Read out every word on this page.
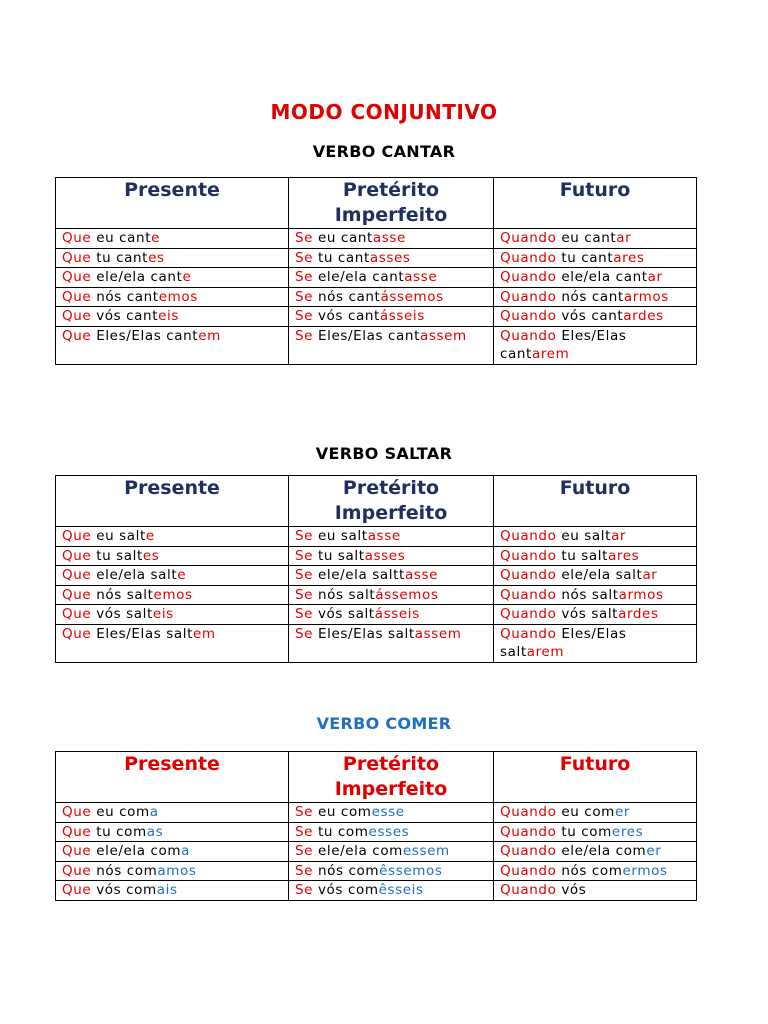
MODO CONJUNTIVO
VERBO CANTAR
Presente	Pretérito Imperfeito	Futuro
Que eu cante	Se eu cantasse	Quando eu cantar
Que tu cantes	Se tu cantasses	Quando tu cantares
Que ele/ela cante	Se ele/ela cantasse	Quando ele/ela cantar
Que nós cantemos	Se nós cantássemos	Quando nós cantarmos
Que vós canteis	Se vós cantásseis	Quando vós cantardes
Que Eles/Elas cantem	Se Eles/Elas cantassem	Quando Eles/Elas cantarem
VERBO SALTAR
Presente	Pretérito Imperfeito	Futuro
Que eu salte	Se eu saltasse	Quando eu saltar
Que tu saltes	Se tu saltasses	Quando tu saltares
Que ele/ela salte	Se ele/ela salttasse	Quando ele/ela saltar
Que nós saltemos	Se nós saltássemos	Quando nós saltarmos
Que vós salteis	Se vós saltásseis	Quando vós saltardes
Que Eles/Elas saltem	Se Eles/Elas saltassem	Quando Eles/Elas saltarem
VERBO COMER
Presente	Pretérito Imperfeito	Futuro
Que eu coma	Se eu comesse	Quando eu comer
Que tu comas	Se tu comesses	Quando tu comeres
Que ele/ela coma	Se ele/ela comessem	Quando ele/ela comer
Que nós comamos	Se nós comêssemos	Quando nós comermos
Que vós comais	Se vós comêsseis	Quando vós
